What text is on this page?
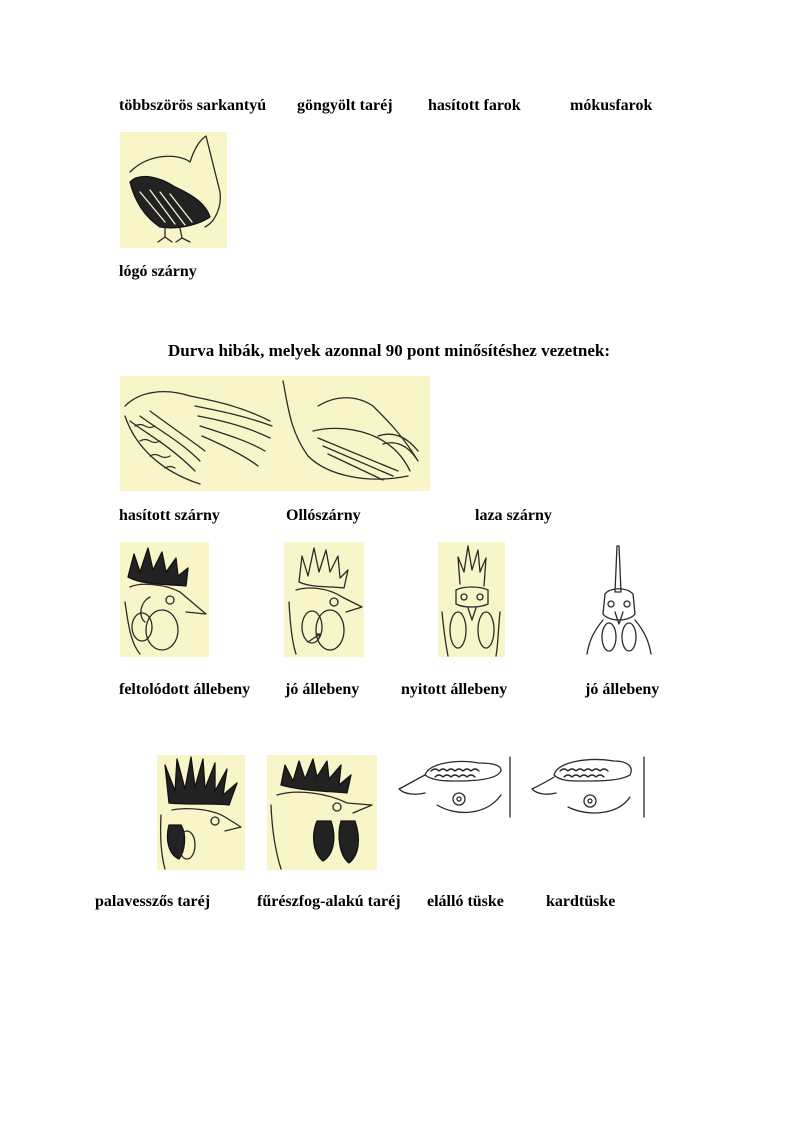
többszörös sarkantyú göngyölt taréj hasított farok	mókusfarok
lógó szárny
Durva hibák, melyek azonnal 90 pont minősítéshez vezetnek:
hasított szárny	Ollószárny	laza szárny
feltolódott állebeny jó állebeny	nyitott állebeny	jó állebeny
palavesszős taréj	fűrészfog-alakú taréj elálló tüske	kardtüske
